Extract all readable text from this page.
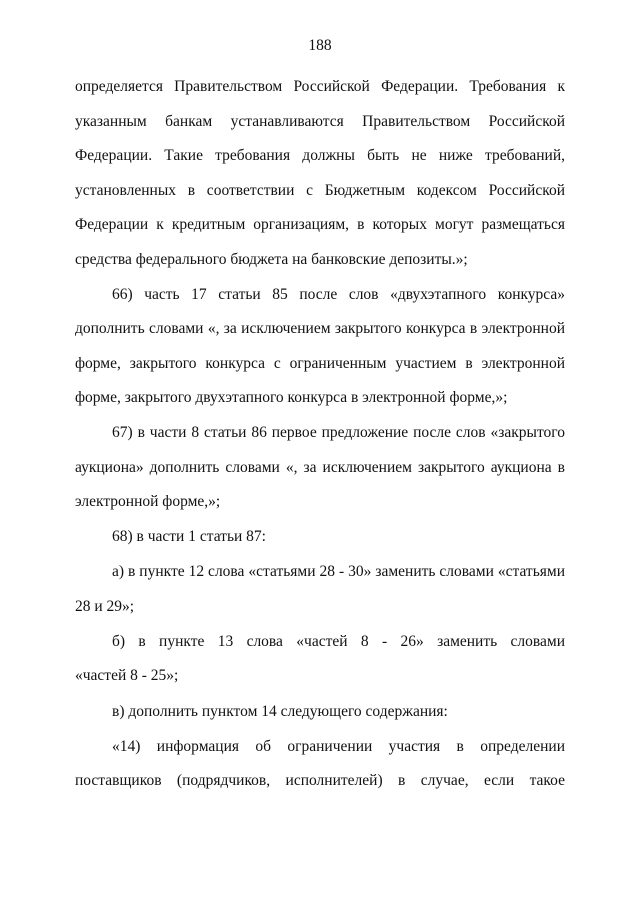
188
определяется Правительством Российской Федерации. Требования к
указанным банкам устанавливаются Правительством Российской
Федерации. Такие требования должны быть не ниже требований,
установленных в соответствии с Бюджетным кодексом Российской
Федерации к кредитным организациям, в которых могут размещаться
средства федерального бюджета на банковские депозиты.»;
66) часть 17 статьи 85 после слов «двухэтапного конкурса»
дополнить словами «, за исключением закрытого конкурса в электронной
форме, закрытого конкурса с ограниченным участием в электронной
форме, закрытого двухэтапного конкурса в электронной форме,»;
67) в части 8 статьи 86 первое предложение после слов «закрытого
аукциона» дополнить словами «, за исключением закрытого аукциона в
электронной форме,»;
68) в части 1 статьи 87:
а) в пункте 12 слова «статьями 28 - 30» заменить словами «статьями
28 и 29»;
б) в пункте 13 слова «частей 8 - 26» заменить словами
«частей 8 - 25»;
в) дополнить пунктом 14 следующего содержания:
«14) информация об ограничении участия в определении
поставщиков (подрядчиков, исполнителей) в случае, если такое
